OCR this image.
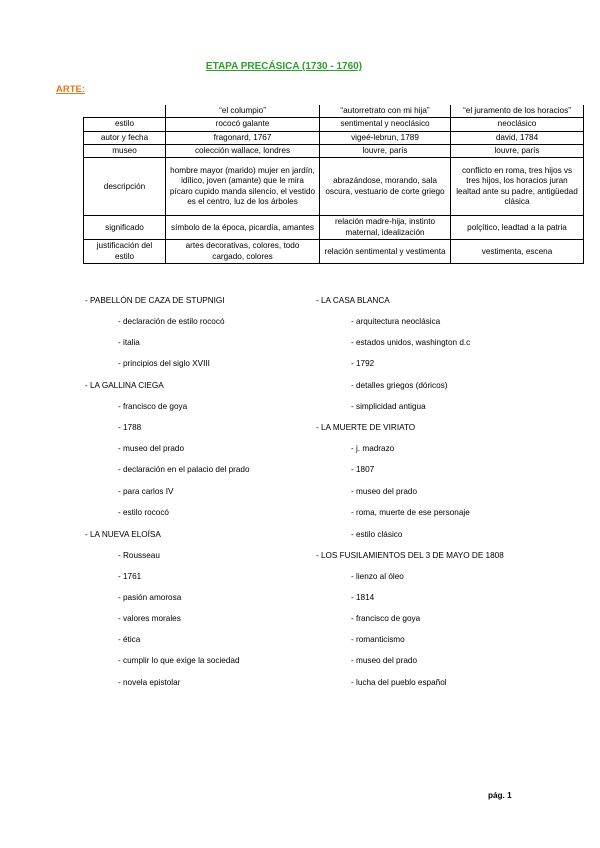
ETAPA PRECÁSICA (1730 - 1760)
ARTE:
	“el columpio”	“autorretrato con mi hija”	“el juramento de los horacios”
estilo	rococó galante	sentimental y neoclásico	neoclásico
autor y fecha	fragonard, 1767	vigeé-lebrun, 1789	david, 1784
museo	colección wallace, londres	louvre, parís	louvre, parís
descripción	hombre mayor (marido) mujer en jardín, idílico, joven (amante) que le mira pícaro cupido manda silencio, el vestido es el centro, luz de los árboles	abrazándose, morando, sala oscura, vestuario de corte griego	conflicto en roma, tres hijos vs tres hijos, los horacios juran lealtad ante su padre, antigüedad clásica
significado	símbolo de la época, picardía, amantes	relación madre-hija, instinto maternal, idealización	polçítico, leadtad a la patria
justificación del estilo	artes decorativas, colores, todo cargado, colores	relación sentimental y vestimenta	vestimenta, escena
- PABELLÓN DE CAZA DE STUPNIGI
- declaración de estilo rococó
- italia
- principios del siglo XVIII
- LA GALLINA CIEGA
- francisco de goya
- 1788
- museo del prado
- declaración en el palacio del prado
- para carlos IV
- estilo rococó
- LA NUEVA ELOÍSA
- Rousseau
- 1761
- pasión amorosa
- valores morales
- ética
- cumplir lo que exige la sociedad
- novela epistolar
- LA CASA BLANCA
- arquitectura neoclásica
- estados unidos, washington d.c
- 1792
- detalles griegos (dóricos)
- simplicidad antigua
- LA MUERTE DE VIRIATO
- j. madrazo
- 1807
- museo del prado
- roma, muerte de ese personaje
- estilo clásico
- LOS FUSILAMIENTOS DEL 3 DE MAYO DE 1808
- lienzo al óleo
- 1814
- francisco de goya
- romanticismo
- museo del prado
- lucha del pueblo español
pág. 1
